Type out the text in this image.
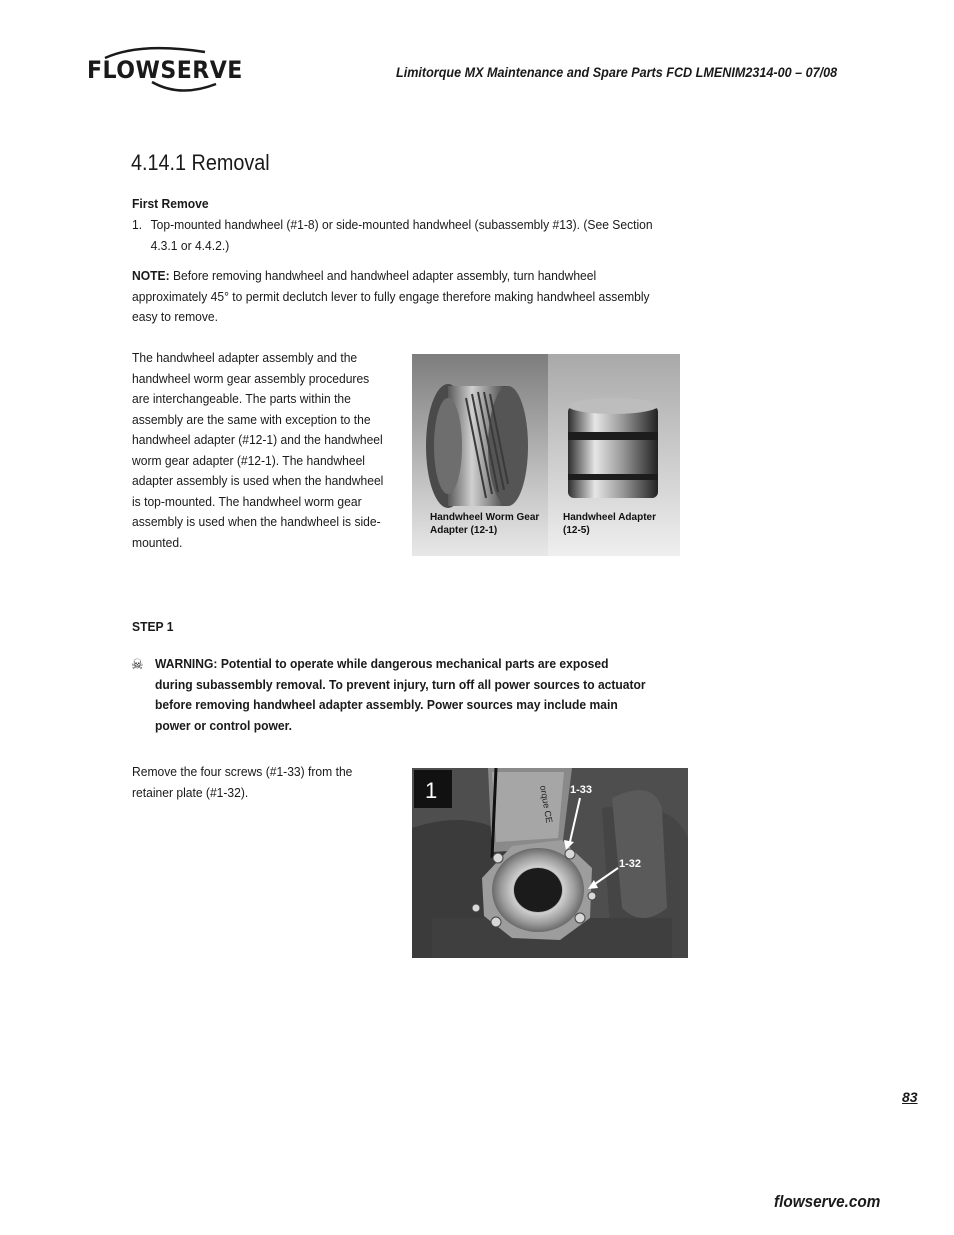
FLOWSERVE	Limitorque MX Maintenance and Spare Parts FCD LMENIM2314-00 – 07/08
4.14.1 Removal
First Remove
1. Top-mounted handwheel (#1-8) or side-mounted handwheel (subassembly #13). (See Section 4.3.1 or 4.4.2.)
NOTE: Before removing handwheel and handwheel adapter assembly, turn handwheel approximately 45° to permit declutch lever to fully engage therefore making handwheel assembly easy to remove.
The handwheel adapter assembly and the handwheel worm gear assembly procedures are interchangeable. The parts within the assembly are the same with exception to the handwheel adapter (#12-1) and the handwheel worm gear adapter (#12-1). The handwheel adapter assembly is used when the handwheel is top-mounted. The handwheel worm gear assembly is used when the handwheel is side-mounted.
Handwheel Worm Gear
Adapter (12-1)
Handwheel Adapter
(12-5)
STEP 1
☠ WARNING: Potential to operate while dangerous mechanical parts are exposed during subassembly removal. To prevent injury, turn off all power sources to actuator before removing handwheel adapter assembly. Power sources may include main power or control power.
Remove the four screws (#1-33) from the retainer plate (#1-32).	orque CE
1	1-33
1-32
83
flowserve.com
